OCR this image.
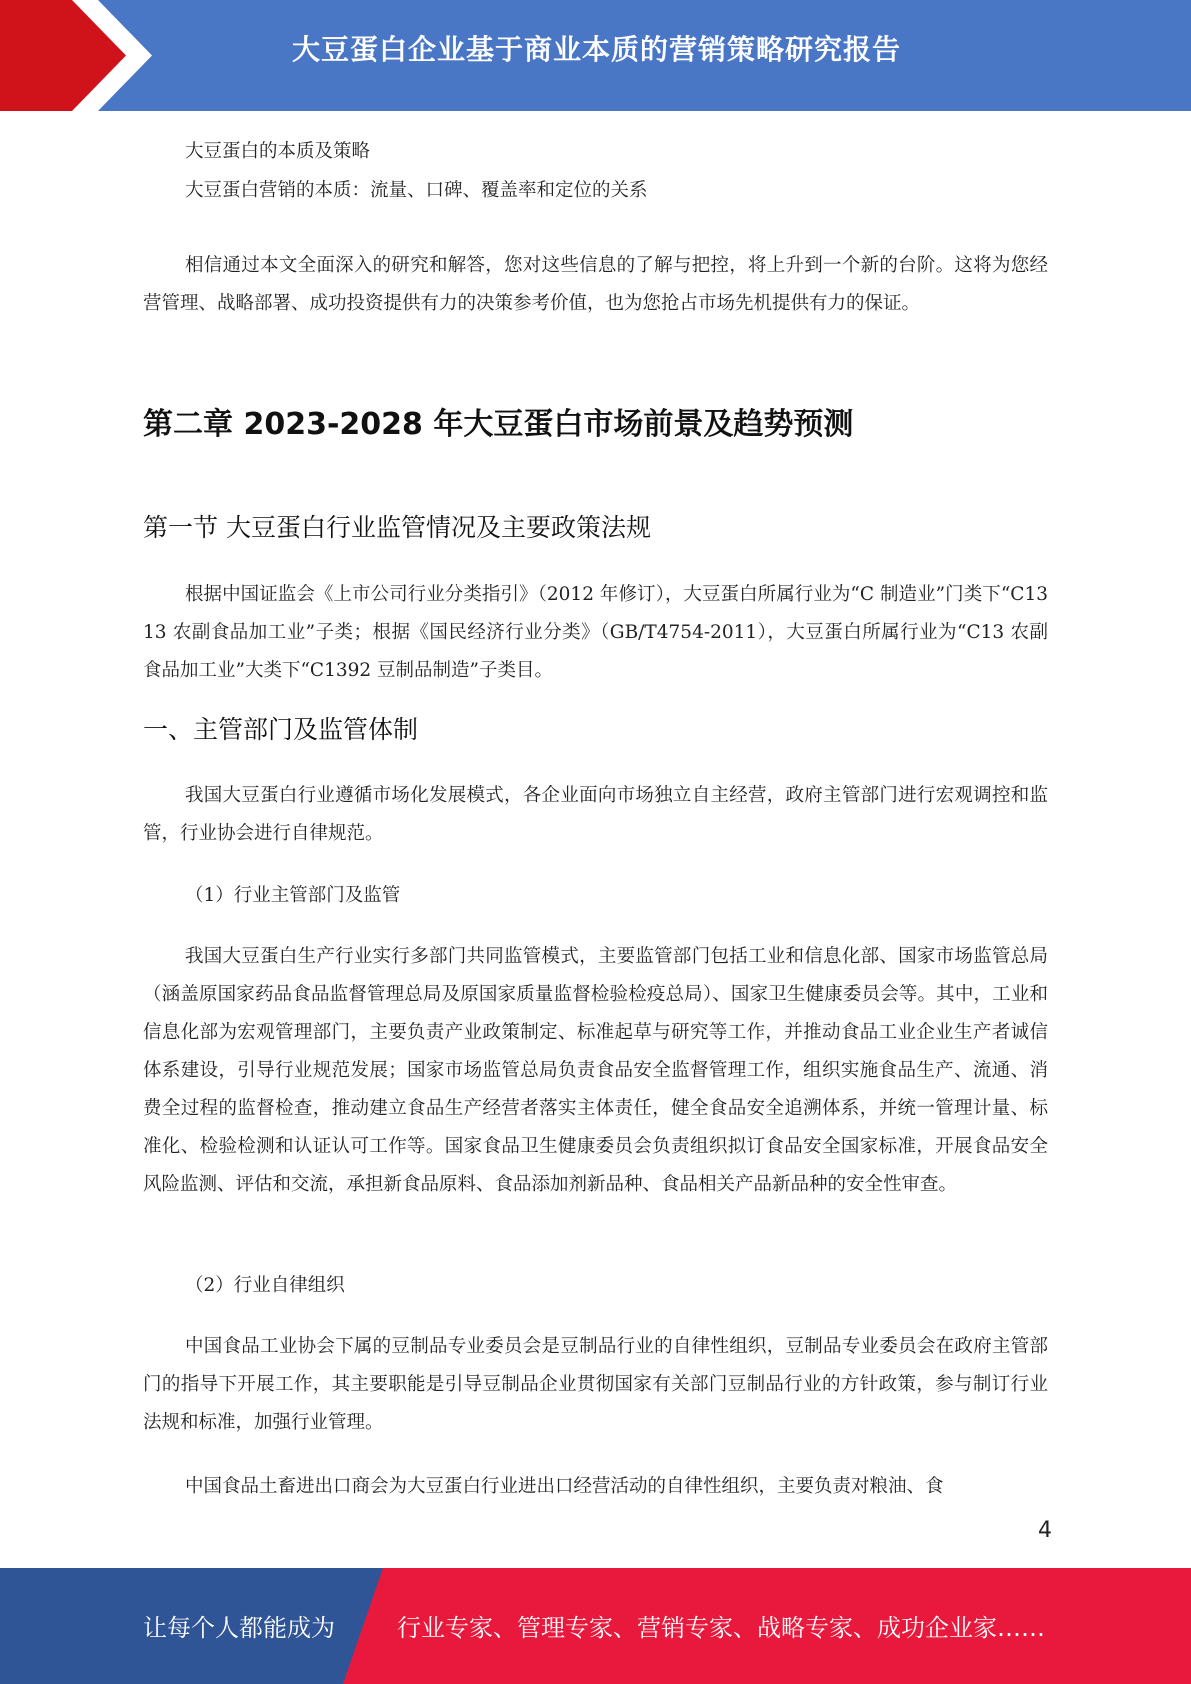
大豆蛋白企业基于商业本质的营销策略研究报告
大豆蛋白的本质及策略
大豆蛋白营销的本质：流量、口碑、覆盖率和定位的关系

相信通过本文全面深入的研究和解答，您对这些信息的了解与把控，将上升到一个新的台阶。这将为您经营管理、战略部署、成功投资提供有力的决策参考价值，也为您抢占市场先机提供有力的保证。

第二章 2023-2028 年大豆蛋白市场前景及趋势预测
第一节 大豆蛋白行业监管情况及主要政策法规

根据中国证监会《上市公司行业分类指引》（2012 年修订），大豆蛋白所属行业为“C 制造业”门类下“C1313 农副食品加工业”子类；根据《国民经济行业分类》（GB/T4754-2011），大豆蛋白所属行业为“C13 农副食品加工业”大类下“C1392 豆制品制造”子类目。

一、主管部门及监管体制

我国大豆蛋白行业遵循市场化发展模式，各企业面向市场独立自主经营，政府主管部门进行宏观调控和监管，行业协会进行自律规范。

（1）行业主管部门及监管

我国大豆蛋白生产行业实行多部门共同监管模式，主要监管部门包括工业和信息化部、国家市场监管总局（涵盖原国家药品食品监督管理总局及原国家质量监督检验检疫总局）、国家卫生健康委员会等。其中，工业和信息化部为宏观管理部门，主要负责产业政策制定、标准起草与研究等工作，并推动食品工业企业生产者诚信体系建设，引导行业规范发展；国家市场监管总局负责食品安全监督管理工作，组织实施食品生产、流通、消费全过程的监督检查，推动建立食品生产经营者落实主体责任，健全食品安全追溯体系，并统一管理计量、标准化、检验检测和认证认可工作等。国家食品卫生健康委员会负责组织拟订食品安全国家标准，开展食品安全风险监测、评估和交流，承担新食品原料、食品添加剂新品种、食品相关产品新品种的安全性审查。

（2）行业自律组织

中国食品工业协会下属的豆制品专业委员会是豆制品行业的自律性组织，豆制品专业委员会在政府主管部门的指导下开展工作，其主要职能是引导豆制品企业贯彻国家有关部门豆制品行业的方针政策，参与制订行业法规和标准，加强行业管理。

中国食品土畜进出口商会为大豆蛋白行业进出口经营活动的自律性组织，主要负责对粮油、食

4
让每个人都能成为	行业专家、管理专家、营销专家、战略专家、成功企业家……
